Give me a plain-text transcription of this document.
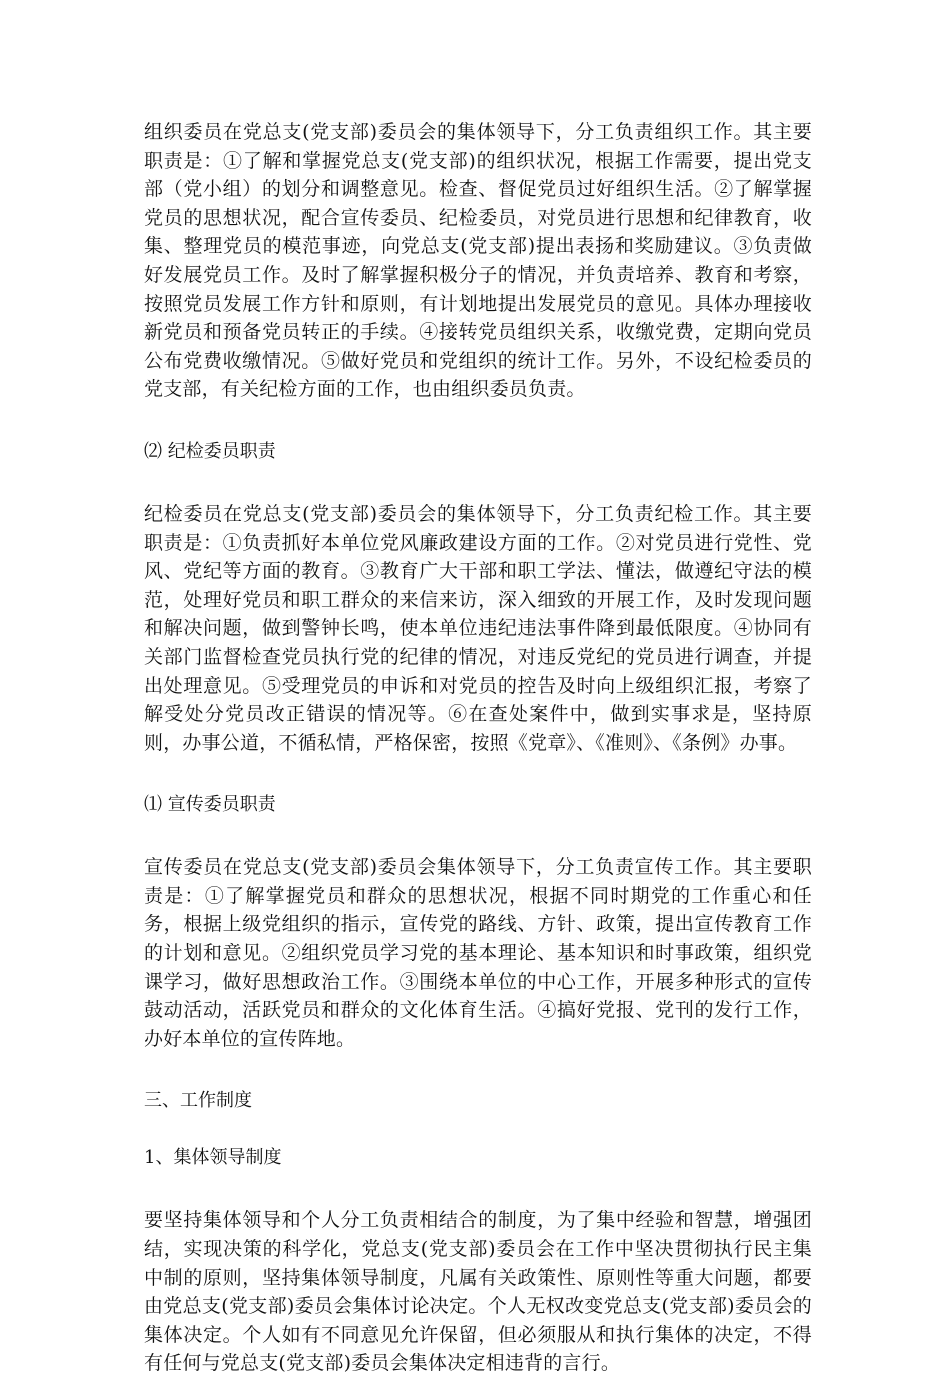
组织委员在党总支(党支部)委员会的集体领导下，分工负责组织工作。其主要职责是：①了解和掌握党总支(党支部)的组织状况，根据工作需要，提出党支部（党小组）的划分和调整意见。检查、督促党员过好组织生活。②了解掌握党员的思想状况，配合宣传委员、纪检委员，对党员进行思想和纪律教育，收集、整理党员的模范事迹，向党总支(党支部)提出表扬和奖励建议。③负责做好发展党员工作。及时了解掌握积极分子的情况，并负责培养、教育和考察，按照党员发展工作方针和原则，有计划地提出发展党员的意见。具体办理接收新党员和预备党员转正的手续。④接转党员组织关系，收缴党费，定期向党员公布党费收缴情况。⑤做好党员和党组织的统计工作。另外，不设纪检委员的党支部，有关纪检方面的工作，也由组织委员负责。

⑵ 纪检委员职责

纪检委员在党总支(党支部)委员会的集体领导下，分工负责纪检工作。其主要职责是：①负责抓好本单位党风廉政建设方面的工作。②对党员进行党性、党风、党纪等方面的教育。③教育广大干部和职工学法、懂法，做遵纪守法的模范，处理好党员和职工群众的来信来访，深入细致的开展工作，及时发现问题和解决问题，做到警钟长鸣，使本单位违纪违法事件降到最低限度。④协同有关部门监督检查党员执行党的纪律的情况，对违反党纪的党员进行调查，并提出处理意见。⑤受理党员的申诉和对党员的控告及时向上级组织汇报，考察了解受处分党员改正错误的情况等。⑥在查处案件中，做到实事求是，坚持原则，办事公道，不循私情，严格保密，按照《党章》、《准则》、《条例》办事。

⑴ 宣传委员职责

宣传委员在党总支(党支部)委员会集体领导下，分工负责宣传工作。其主要职责是：①了解掌握党员和群众的思想状况，根据不同时期党的工作重心和任务，根据上级党组织的指示，宣传党的路线、方针、政策，提出宣传教育工作的计划和意见。②组织党员学习党的基本理论、基本知识和时事政策，组织党课学习，做好思想政治工作。③围绕本单位的中心工作，开展多种形式的宣传鼓动活动，活跃党员和群众的文化体育生活。④搞好党报、党刊的发行工作，办好本单位的宣传阵地。

三、工作制度

1、集体领导制度

要坚持集体领导和个人分工负责相结合的制度，为了集中经验和智慧，增强团结，实现决策的科学化，党总支(党支部)委员会在工作中坚决贯彻执行民主集中制的原则，坚持集体领导制度，凡属有关政策性、原则性等重大问题，都要由党总支(党支部)委员会集体讨论决定。个人无权改变党总支(党支部)委员会的集体决定。个人如有不同意见允许保留，但必须服从和执行集体的决定，不得有任何与党总支(党支部)委员会集体决定相违背的言行。
